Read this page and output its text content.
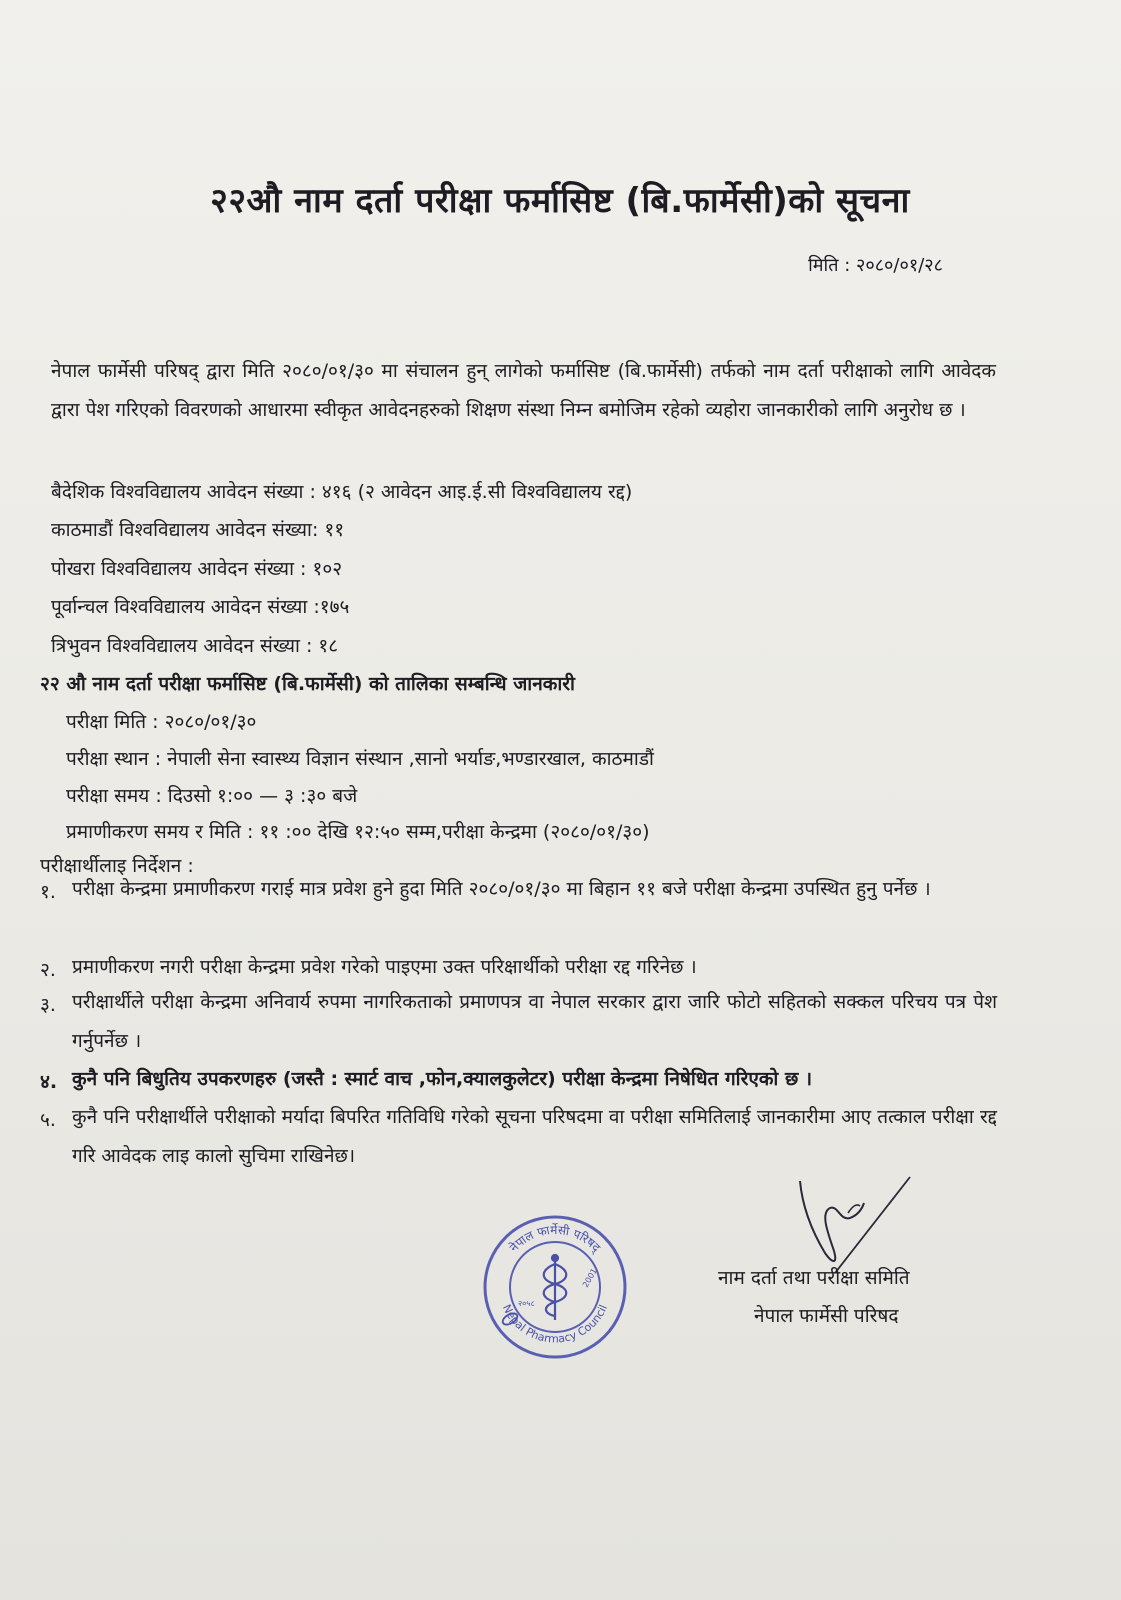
२२औ नाम दर्ता परीक्षा फर्मासिष्ट (बि.फार्मेसी)को सूचना
मिति : २०८०/०१/२८
नेपाल फार्मेसी परिषद् द्वारा मिति २०८०/०१/३० मा संचालन हुन् लागेको फर्मासिष्ट (बि.फार्मेसी) तर्फको नाम दर्ता परीक्षाको लागि आवेदक द्वारा पेश गरिएको विवरणको आधारमा स्वीकृत आवेदनहरुको शिक्षण संस्था निम्न बमोजिम रहेको व्यहोरा जानकारीको लागि अनुरोध छ ।
बैदेशिक विश्वविद्यालय आवेदन संख्या : ४१६ (२ आवेदन आइ.ई.सी विश्वविद्यालय रद्द)
काठमाडौं विश्वविद्यालय आवेदन संख्या: ११
पोखरा विश्वविद्यालय आवेदन संख्या : १०२
पूर्वान्चल विश्वविद्यालय आवेदन संख्या :१७५
त्रिभुवन विश्वविद्यालय आवेदन संख्या : १८
२२ औ नाम दर्ता परीक्षा फर्मासिष्ट (बि.फार्मेसी) को तालिका सम्बन्धि जानकारी
परीक्षा मिति : २०८०/०१/३०
परीक्षा स्थान : नेपाली सेना स्वास्थ्य विज्ञान संस्थान ,सानो भर्याङ,भण्डारखाल, काठमाडौं
परीक्षा समय : दिउसो १:०० — ३ :३० बजे
प्रमाणीकरण समय र मिति : ११ :०० देखि १२:५० सम्म,परीक्षा केन्द्रमा (२०८०/०१/३०)
परीक्षार्थीलाइ निर्देशन :
१. परीक्षा केन्द्रमा प्रमाणीकरण गराई मात्र प्रवेश हुने हुदा मिति २०८०/०१/३० मा बिहान ११ बजे परीक्षा केन्द्रमा उपस्थित हुनु पर्नेछ ।
२. प्रमाणीकरण नगरी परीक्षा केन्द्रमा प्रवेश गरेको पाइएमा उक्त परिक्षार्थीको परीक्षा रद्द गरिनेछ ।
३. परीक्षार्थीले परीक्षा केन्द्रमा अनिवार्य रुपमा नागरिकताको प्रमाणपत्र वा नेपाल सरकार द्वारा जारि फोटो सहितको सक्कल परिचय पत्र पेश गर्नुपर्नेछ ।
४. कुनै पनि बिधुतिय उपकरणहरु (जस्तै : स्मार्ट वाच ,फोन,क्यालकुलेटर) परीक्षा केन्द्रमा निषेधित गरिएको छ ।
५. कुनै पनि परीक्षार्थीले परीक्षाको मर्यादा बिपरित गतिविधि गरेको सूचना परिषदमा वा परीक्षा समितिलाई जानकारीमा आए तत्काल परीक्षा रद्द गरि आवेदक लाइ कालो सुचिमा राखिनेछ।
नेपाल फार्मेसी परिषद्
Nepal Pharmacy Council
2001
२०५८
नाम दर्ता तथा परीक्षा समिति
नेपाल फार्मेसी परिषद
